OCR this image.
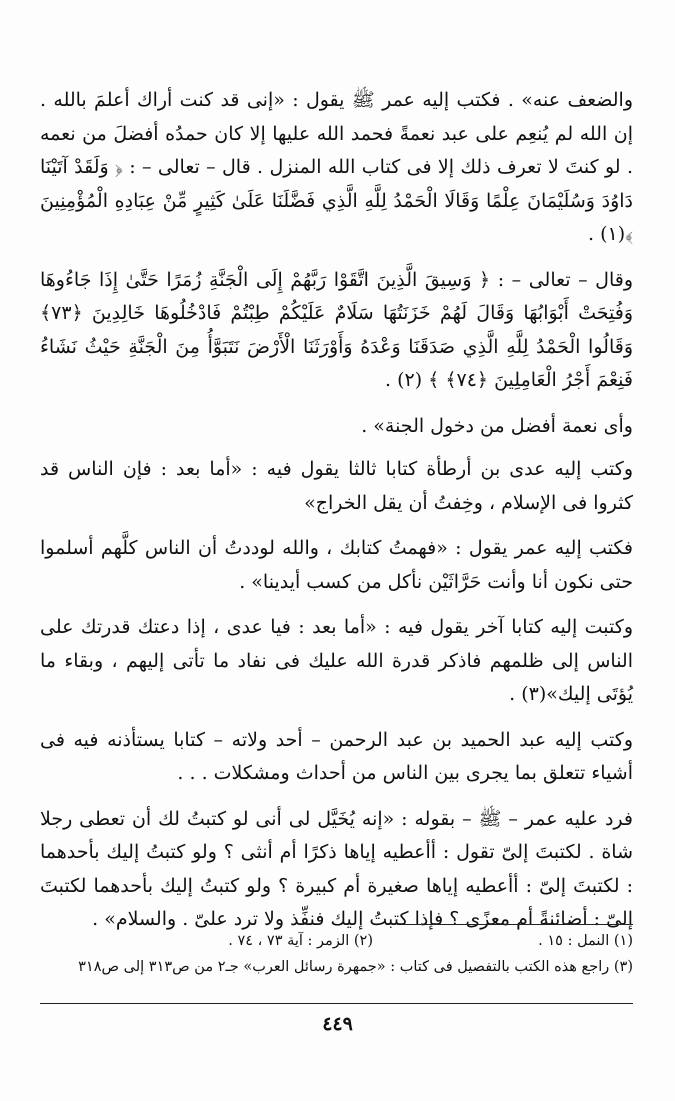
والضعف عنه» . فكتب إليه عمر ﷺ يقول : «إنى قد كنت أراك أعلمَ بالله . إن الله لم يُنعِم على عبد نعمةً فحمد الله عليها إلا كان حمدُه أفضلَ من نعمه . لو كنتَ لا تعرف ذلك إلا فى كتاب الله المنزل . قال – تعالى – : ﴿ وَلَقَدْ آتَيْنَا دَاوُدَ وَسُلَيْمَانَ عِلْمًا وَقَالَا الْحَمْدُ لِلَّهِ الَّذِي فَضَّلَنَا عَلَىٰ كَثِيرٍ مِّنْ عِبَادِهِ الْمُؤْمِنِينَ ﴾(١) .

وقال – تعالى – : ﴿ وَسِيقَ الَّذِينَ اتَّقَوْا رَبَّهُمْ إِلَى الْجَنَّةِ زُمَرًا حَتَّىٰ إِذَا جَاءُوهَا وَفُتِحَتْ أَبْوَابُهَا وَقَالَ لَهُمْ خَزَنَتُهَا سَلَامٌ عَلَيْكُمْ طِبْتُمْ فَادْخُلُوهَا خَالِدِينَ ﴿٧٣﴾ وَقَالُوا الْحَمْدُ لِلَّهِ الَّذِي صَدَقَنَا وَعْدَهُ وَأَوْرَثَنَا الْأَرْضَ نَتَبَوَّأُ مِنَ الْجَنَّةِ حَيْثُ نَشَاءُ فَنِعْمَ أَجْرُ الْعَامِلِينَ ﴿٧٤﴾ ﴾ (٢) .

وأى نعمة أفضل من دخول الجنة» .

وكتب إليه عدى بن أرطأة كتابا ثالثا يقول فيه : «أما بعد : فإن الناس قد كثروا فى الإسلام ، وخِفتُ أن يقل الخراج»

فكتب إليه عمر يقول : «فهمتُ كتابك ، والله لوددتُ أن الناس كلَّهم أسلموا حتى نكون أنا وأنت حَرَّاثَيْن نأكل من كسب أيدينا» .

وكتبت إليه كتابا آخر يقول فيه : «أما بعد : فيا عدى ، إذا دعتك قدرتك على الناس إلى ظلمهم فاذكر قدرة الله عليك فى نفاد ما تأتى إليهم ، وبقاء ما يُؤتَى إليك»(٣) .

وكتب إليه عبد الحميد بن عبد الرحمن – أحد ولاته – كتابا يستأذنه فيه فى أشياء تتعلق بما يجرى بين الناس من أحداث ومشكلات . . .

فرد عليه عمر – ﷺ – بقوله : «إنه يُخَيَّل لى أنى لو كتبتُ لك أن تعطى رجلا شاة . لكتبتَ إلىّ تقول : أأعطيه إياها ذكرًا أم أنثى ؟ ولو كتبتُ إليك بأحدهما : لكتبتَ إلىّ : أأعطيه إياها صغيرة أم كبيرة ؟ ولو كتبتُ إليك بأحدهما لكتبتَ إلىّ : أضائنةً أم معزًى ؟ فإذا كتبتُ إليك فنفِّذ ولا ترد علىّ . والسلام» .

(١) النمل : ١٥ .
(٢) الزمر : آية ٧٣ ، ٧٤ .
(٣) راجع هذه الكتب بالتفصيل فى كتاب : «جمهرة رسائل العرب» جـ٢ من ص٣١٣ إلى ص٣١٨
٤٤٩
